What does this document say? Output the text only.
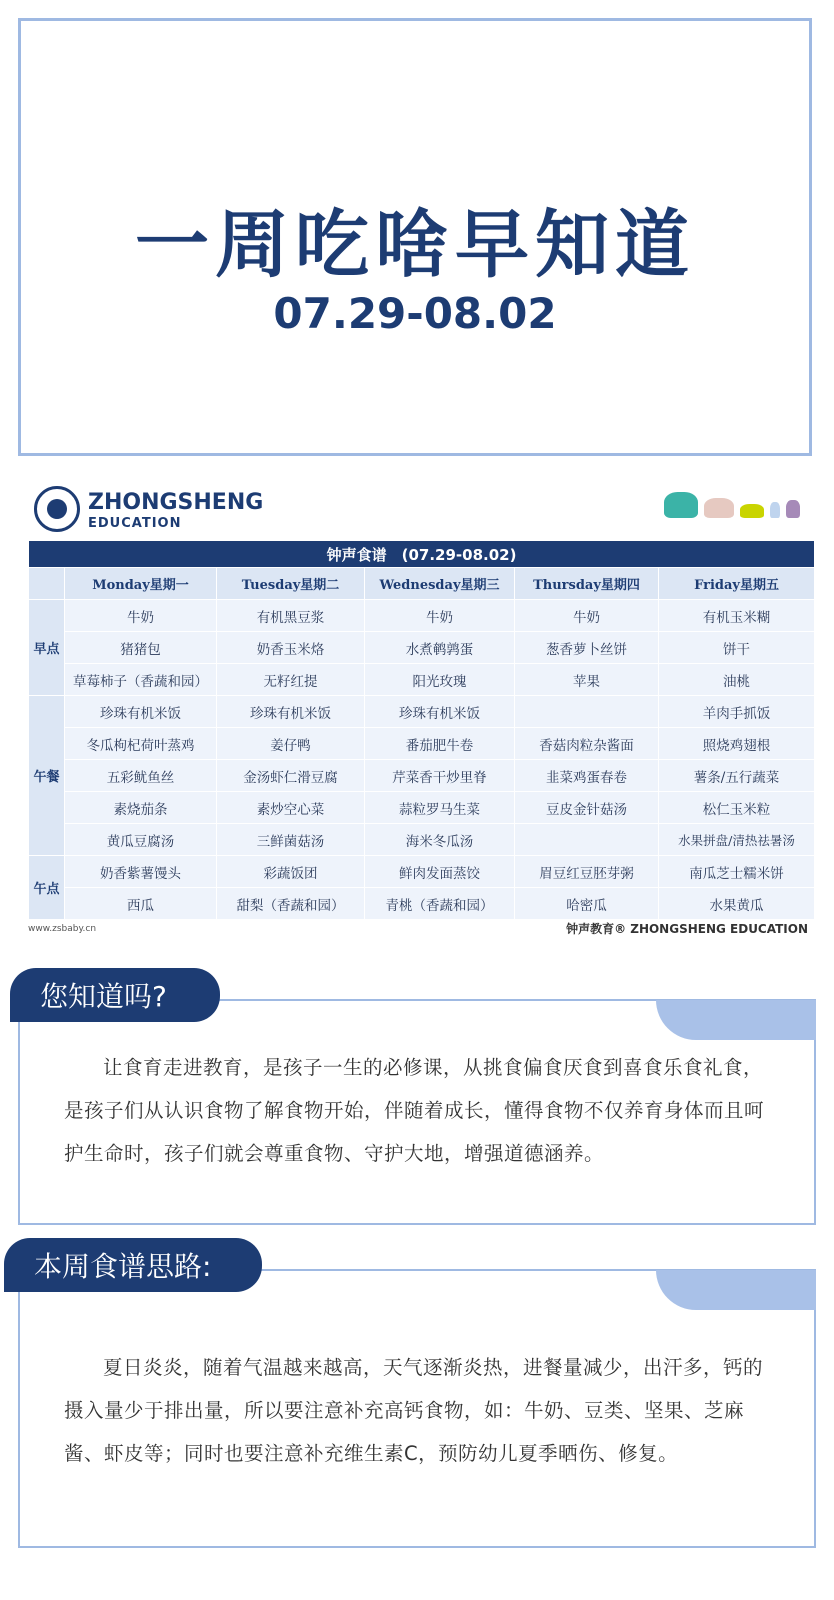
一周吃啥早知道
07.29-08.02
ZHONGSHENG
EDUCATION
钟声食谱　(07.29-08.02)					
	Monday星期一	Tuesday星期二	Wednesday星期三	Thursday星期四	Friday星期五
早点	牛奶	有机黑豆浆	牛奶	牛奶	有机玉米糊
	猪猪包	奶香玉米烙	水煮鹌鹑蛋	葱香萝卜丝饼	饼干
	草莓柿子（香蔬和园）	无籽红提	阳光玫瑰	苹果	油桃
午餐	珍珠有机米饭	珍珠有机米饭	珍珠有机米饭		羊肉手抓饭
	冬瓜枸杞荷叶蒸鸡	姜仔鸭	番茄肥牛卷	香菇肉粒杂酱面	照烧鸡翅根
	五彩鱿鱼丝	金汤虾仁滑豆腐	芹菜香干炒里脊	韭菜鸡蛋春卷	薯条/五行蔬菜
	素烧茄条	素炒空心菜	蒜粒罗马生菜	豆皮金针菇汤	松仁玉米粒
	黄瓜豆腐汤	三鲜菌菇汤	海米冬瓜汤		水果拼盘/清热祛暑汤
午点	奶香紫薯馒头	彩蔬饭团	鲜肉发面蒸饺	眉豆红豆胚芽粥	南瓜芝士糯米饼
	西瓜	甜梨（香蔬和园）	青桃（香蔬和园）	哈密瓜	水果黄瓜
www.zsbaby.cn	钟声教育® ZHONGSHENG EDUCATION
您知道吗?
让食育走进教育，是孩子一生的必修课，从挑食偏食厌食到喜食乐食礼食，是孩子们从认识食物了解食物开始，伴随着成长，懂得食物不仅养育身体而且呵护生命时，孩子们就会尊重食物、守护大地，增强道德涵养。
本周食谱思路:
夏日炎炎，随着气温越来越高，天气逐渐炎热，进餐量减少，出汗多，钙的摄入量少于排出量，所以要注意补充高钙食物，如：牛奶、豆类、坚果、芝麻酱、虾皮等；同时也要注意补充维生素C，预防幼儿夏季晒伤、修复。
